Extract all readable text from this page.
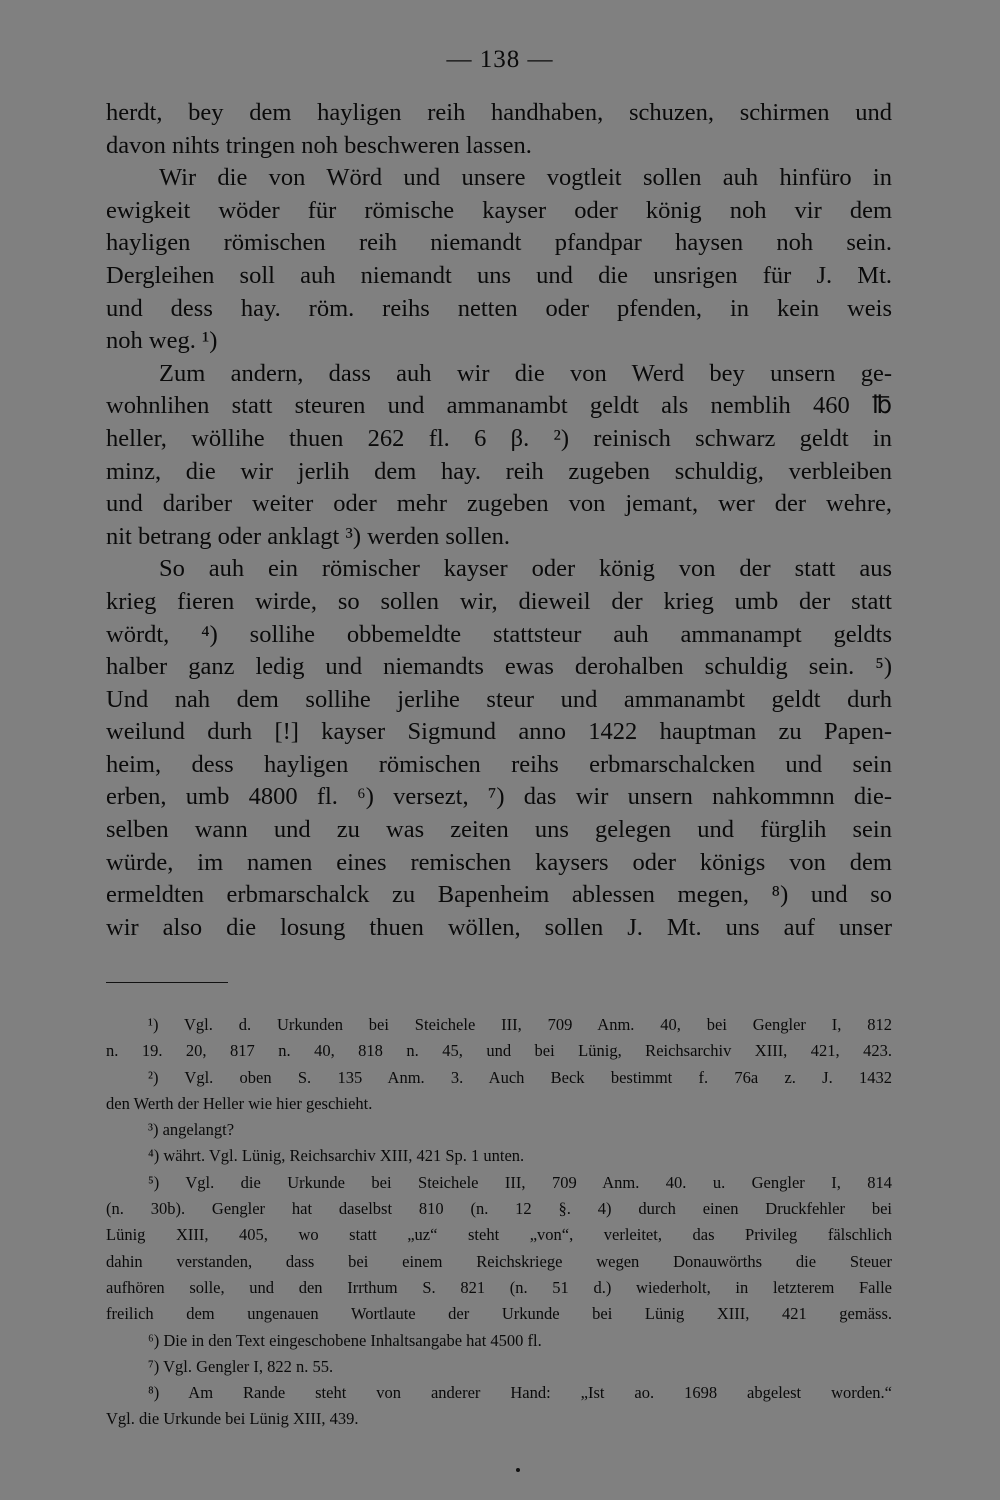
— 138 —
herdt, bey dem hayligen reih handhaben, schuzen, schirmen und
davon nihts tringen noh beschweren lassen.
Wir die von Wörd und unsere vogtleit sollen auh hinfüro in
ewigkeit wöder für römische kayser oder könig noh vir dem
hayligen römischen reih niemandt pfandpar haysen noh sein.
Dergleihen soll auh niemandt uns und die unsrigen für J. Mt.
und dess hay. röm. reihs netten oder pfenden, in kein weis
noh weg. ¹)
Zum andern, dass auh wir die von Werd bey unsern ge-
wohnlihen statt steuren und ammanambt geldt als nemblih 460 ℔
heller, wöllihe thuen 262 fl. 6 β. ²) reinisch schwarz geldt in
minz, die wir jerlih dem hay. reih zugeben schuldig, verbleiben
und dariber weiter oder mehr zugeben von jemant, wer der wehre,
nit betrang oder anklagt ³) werden sollen.
So auh ein römischer kayser oder könig von der statt aus
krieg fieren wirde, so sollen wir, dieweil der krieg umb der statt
wördt, ⁴) sollihe obbemeldte stattsteur auh ammanampt geldts
halber ganz ledig und niemandts ewas derohalben schuldig sein. ⁵)
Und nah dem sollihe jerlihe steur und ammanambt geldt durh
weilund durh [!] kayser Sigmund anno 1422 hauptman zu Papen-
heim, dess hayligen römischen reihs erbmarschalcken und sein
erben, umb 4800 fl. ⁶) versezt, ⁷) das wir unsern nahkommnn die-
selben wann und zu was zeiten uns gelegen und fürglih sein
würde, im namen eines remischen kaysers oder königs von dem
ermeldten erbmarschalck zu Bapenheim ablessen megen, ⁸) und so
wir also die losung thuen wöllen, sollen J. Mt. uns auf unser
¹) Vgl. d. Urkunden bei Steichele III, 709 Anm. 40, bei Gengler I, 812
n. 19. 20, 817 n. 40, 818 n. 45, und bei Lünig, Reichsarchiv XIII, 421, 423.
²) Vgl. oben S. 135 Anm. 3. Auch Beck bestimmt f. 76a z. J. 1432
den Werth der Heller wie hier geschieht.
³) angelangt?
⁴) währt. Vgl. Lünig, Reichsarchiv XIII, 421 Sp. 1 unten.
⁵) Vgl. die Urkunde bei Steichele III, 709 Anm. 40. u. Gengler I, 814
(n. 30b). Gengler hat daselbst 810 (n. 12 §. 4) durch einen Druckfehler bei
Lünig XIII, 405, wo statt „uz“ steht „von“, verleitet, das Privileg fälschlich
dahin verstanden, dass bei einem Reichskriege wegen Donauwörths die Steuer
aufhören solle, und den Irrthum S. 821 (n. 51 d.) wiederholt, in letzterem Falle
freilich dem ungenauen Wortlaute der Urkunde bei Lünig XIII, 421 gemäss.
⁶) Die in den Text eingeschobene Inhaltsangabe hat 4500 fl.
⁷) Vgl. Gengler I, 822 n. 55.
⁸) Am Rande steht von anderer Hand: „Ist ao. 1698 abgelest worden.“
Vgl. die Urkunde bei Lünig XIII, 439.
